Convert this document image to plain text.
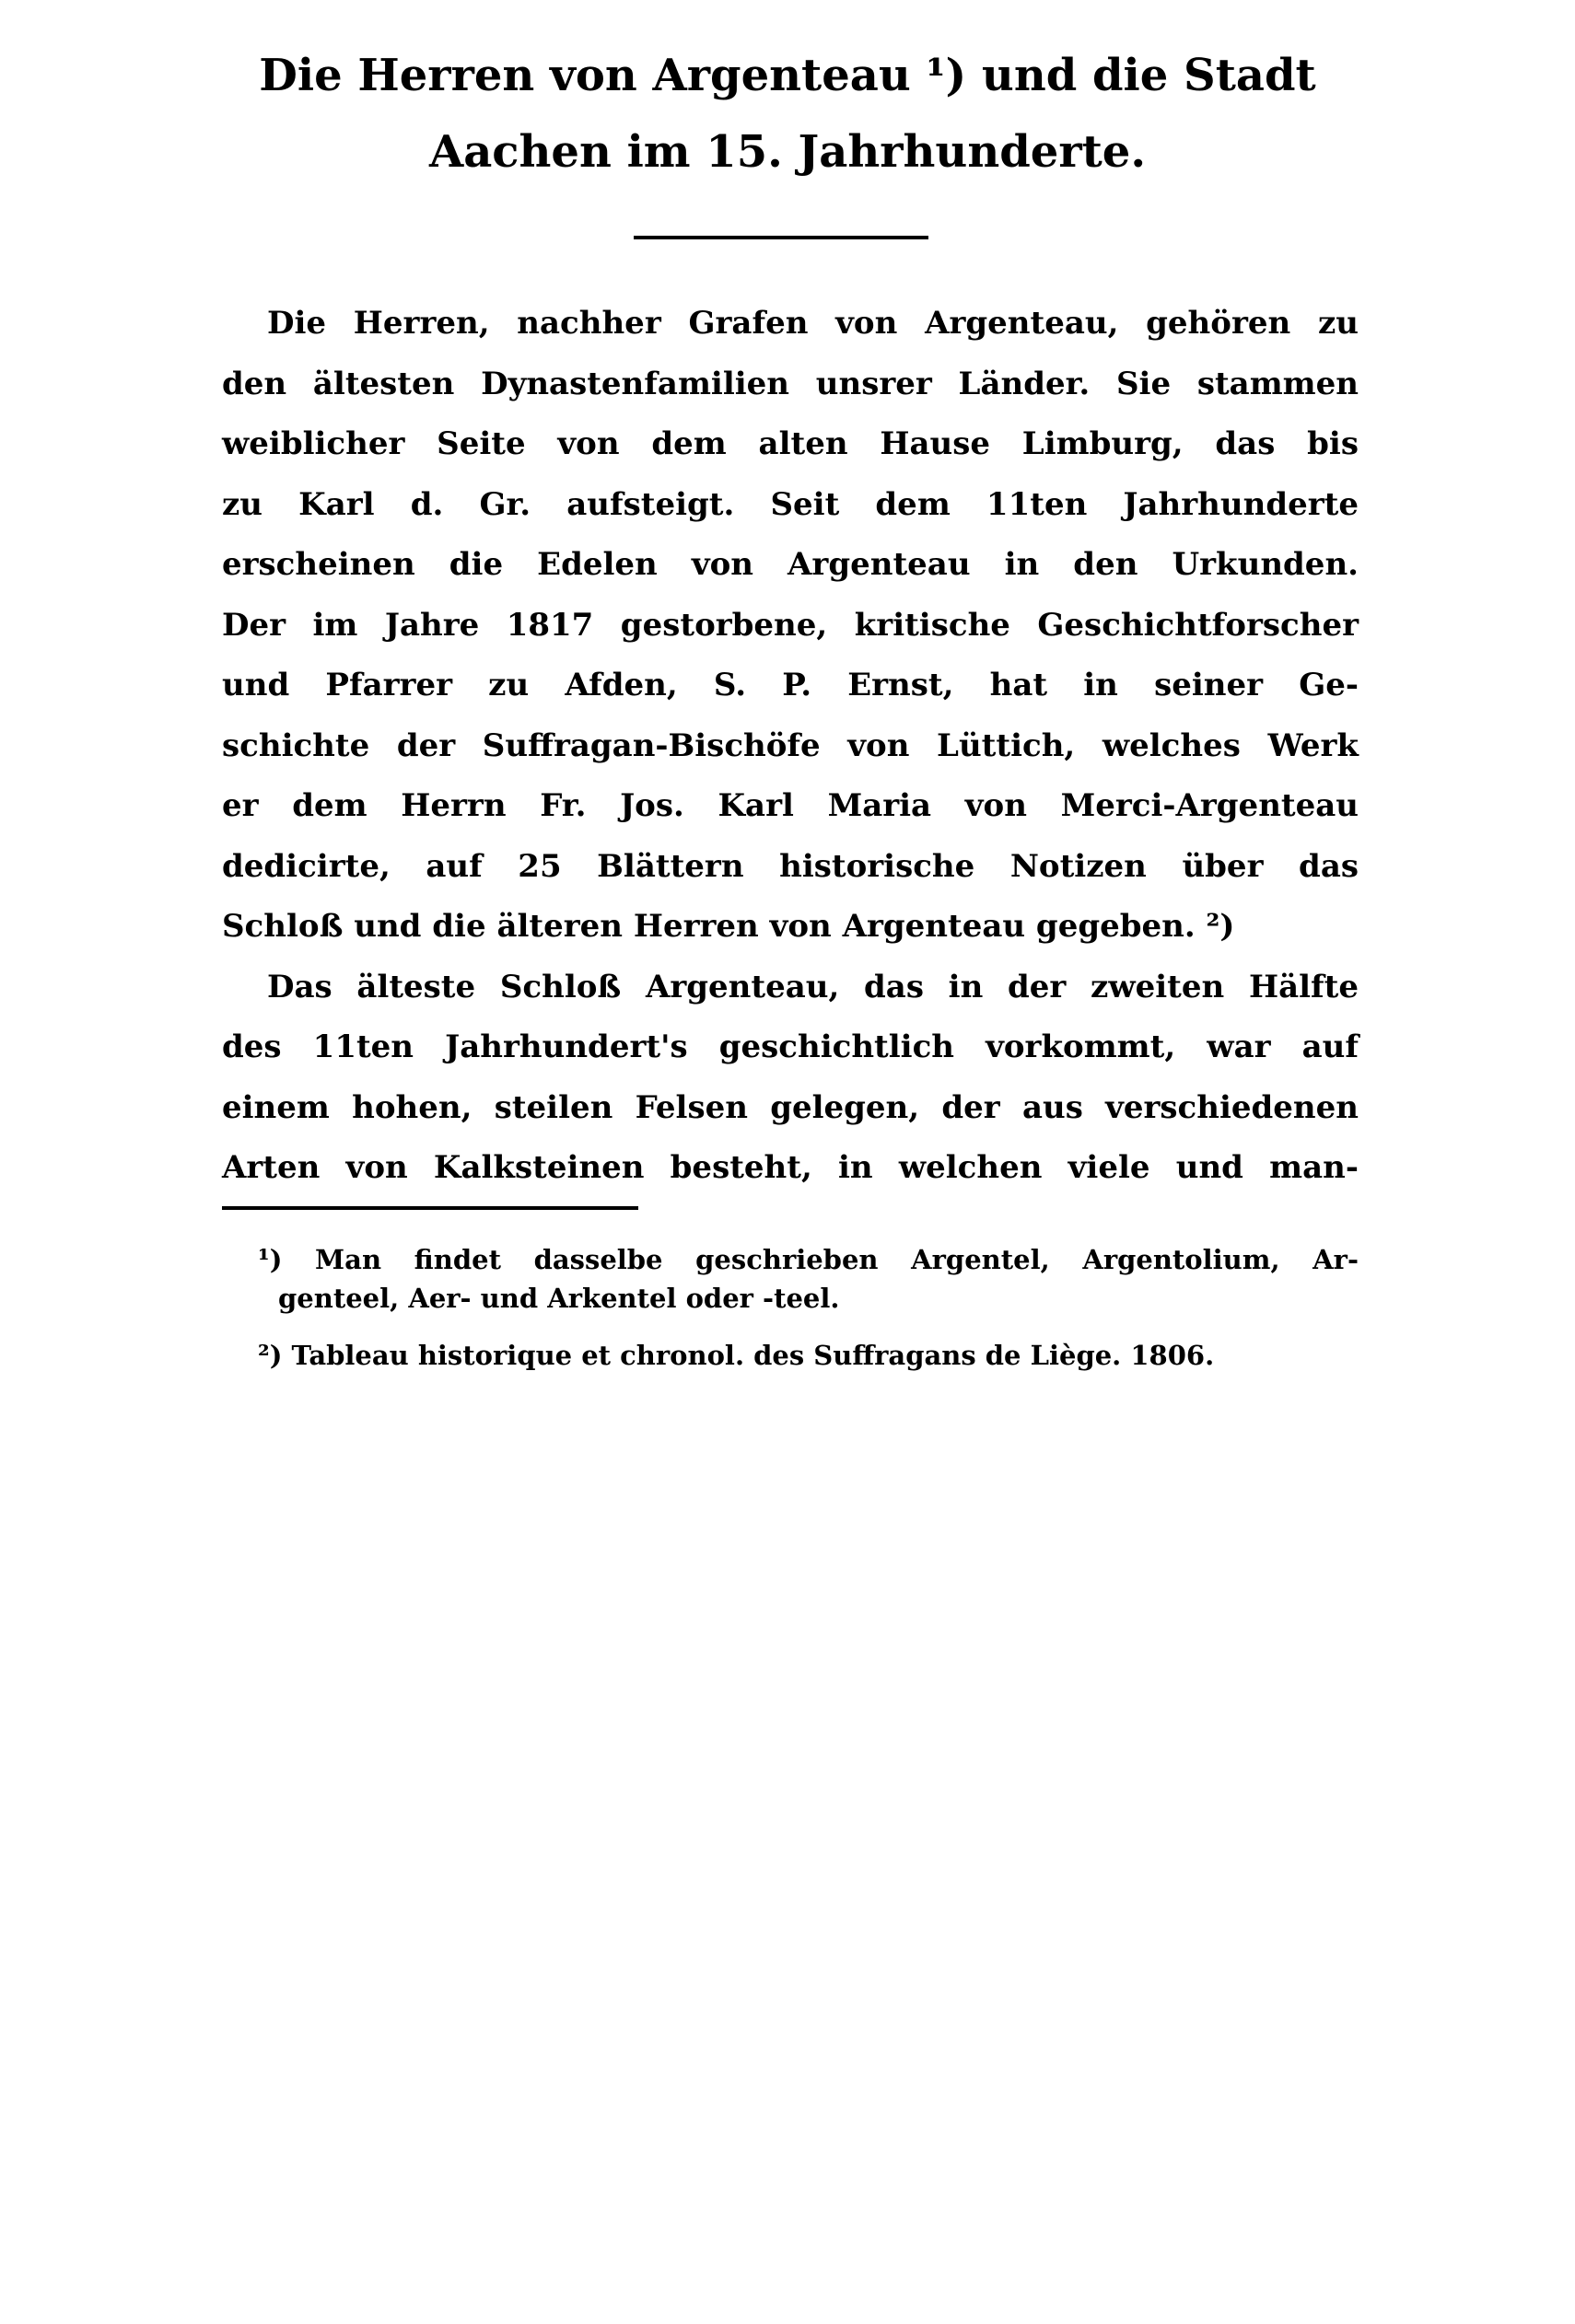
Die Herren von Argenteau ¹) und die Stadt
Aachen im 15. Jahrhunderte.
Die Herren, nachher Grafen von Argenteau, gehören zu
den ältesten Dynastenfamilien unsrer Länder. Sie stammen
weiblicher Seite von dem alten Hause Limburg, das bis
zu Karl d. Gr. aufsteigt. Seit dem 11ten Jahrhunderte
erscheinen die Edelen von Argenteau in den Urkunden.
Der im Jahre 1817 gestorbene, kritische Geschichtforscher
und Pfarrer zu Afden, S. P. Ernst, hat in seiner Ge-
schichte der Suffragan-Bischöfe von Lüttich, welches Werk
er dem Herrn Fr. Jos. Karl Maria von Merci-Argenteau
dedicirte, auf 25 Blättern historische Notizen über das
Schloß und die älteren Herren von Argenteau gegeben. ²)
Das älteste Schloß Argenteau, das in der zweiten Hälfte
des 11ten Jahrhundert's geschichtlich vorkommt, war auf
einem hohen, steilen Felsen gelegen, der aus verschiedenen
Arten von Kalksteinen besteht, in welchen viele und man-
¹) Man findet dasselbe geschrieben Argentel, Argentolium, Ar-
genteel, Aer- und Arkentel oder -teel.
²) Tableau historique et chronol. des Suffragans de Liège. 1806.
